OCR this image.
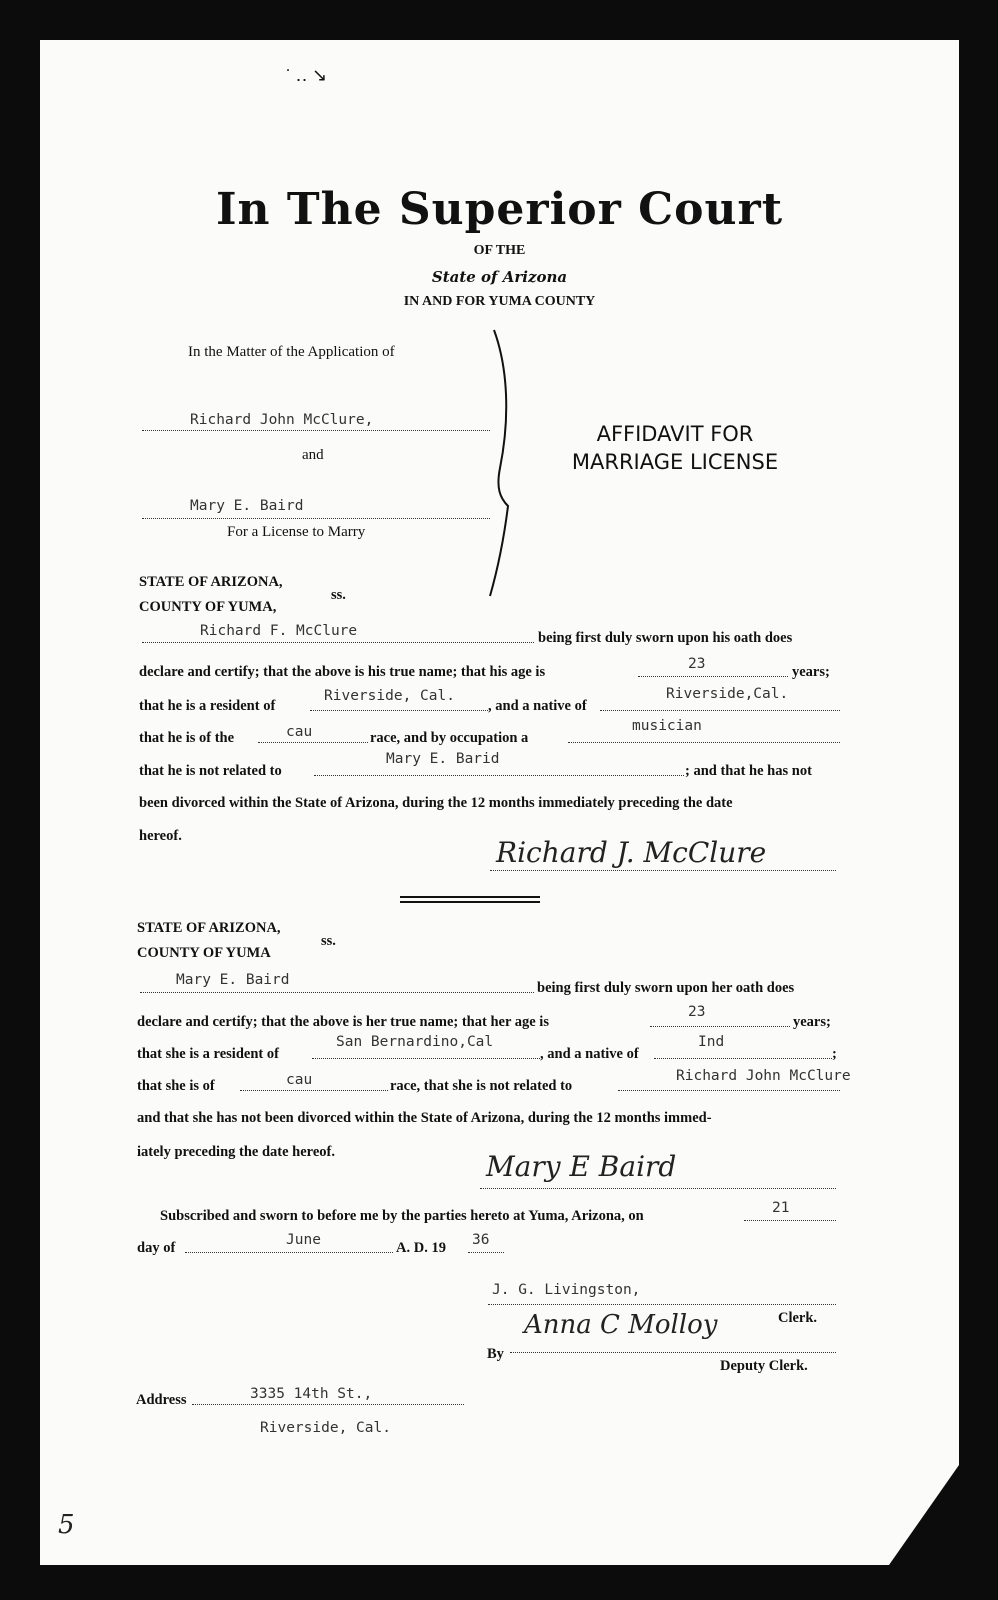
˙ ‥ ↘
In The Superior Court
OF THE
State of Arizona
IN AND FOR YUMA COUNTY
In the Matter of the Application of
Richard John McClure,
and
Mary E. Baird
For a License to Marry
AFFIDAVIT FOR
MARRIAGE LICENSE
STATE OF ARIZONA,
COUNTY OF YUMA,
ss.
Richard F. McClure	being first duly sworn upon his oath does
declare and certify; that the above is his true name; that his age is	23	years;
that he is a resident of
Riverside, Cal.
, and a native of
Riverside,Cal.
that he is of the	cau	race, and by occupation a
musician
that he is not related to
Mary E. Barid
; and that he has not
been divorced within the State of Arizona, during the 12 months immediately preceding the date
hereof.	Richard J. McClure
STATE OF ARIZONA,
COUNTY OF YUMA
ss.
Mary E. Baird	being first duly sworn upon her oath does
declare and certify; that the above is her true name; that her age is
23
years;
that she is a resident of
San Bernardino,Cal
, and a native of
Ind
;
that she is of	cau	race, that she is not related to
Richard John McClure
and that she has not been divorced within the State of Arizona, during the 12 months immed-
iately preceding the date hereof.	Mary E Baird
Subscribed and sworn to before me by the parties hereto at Yuma, Arizona, on	21
day of	June	A. D. 19 36
J. G. Livingston,
Clerk.
By
Anna C Molloy
Deputy Clerk.
Address	3335 14th St.,
Riverside, Cal.
5
